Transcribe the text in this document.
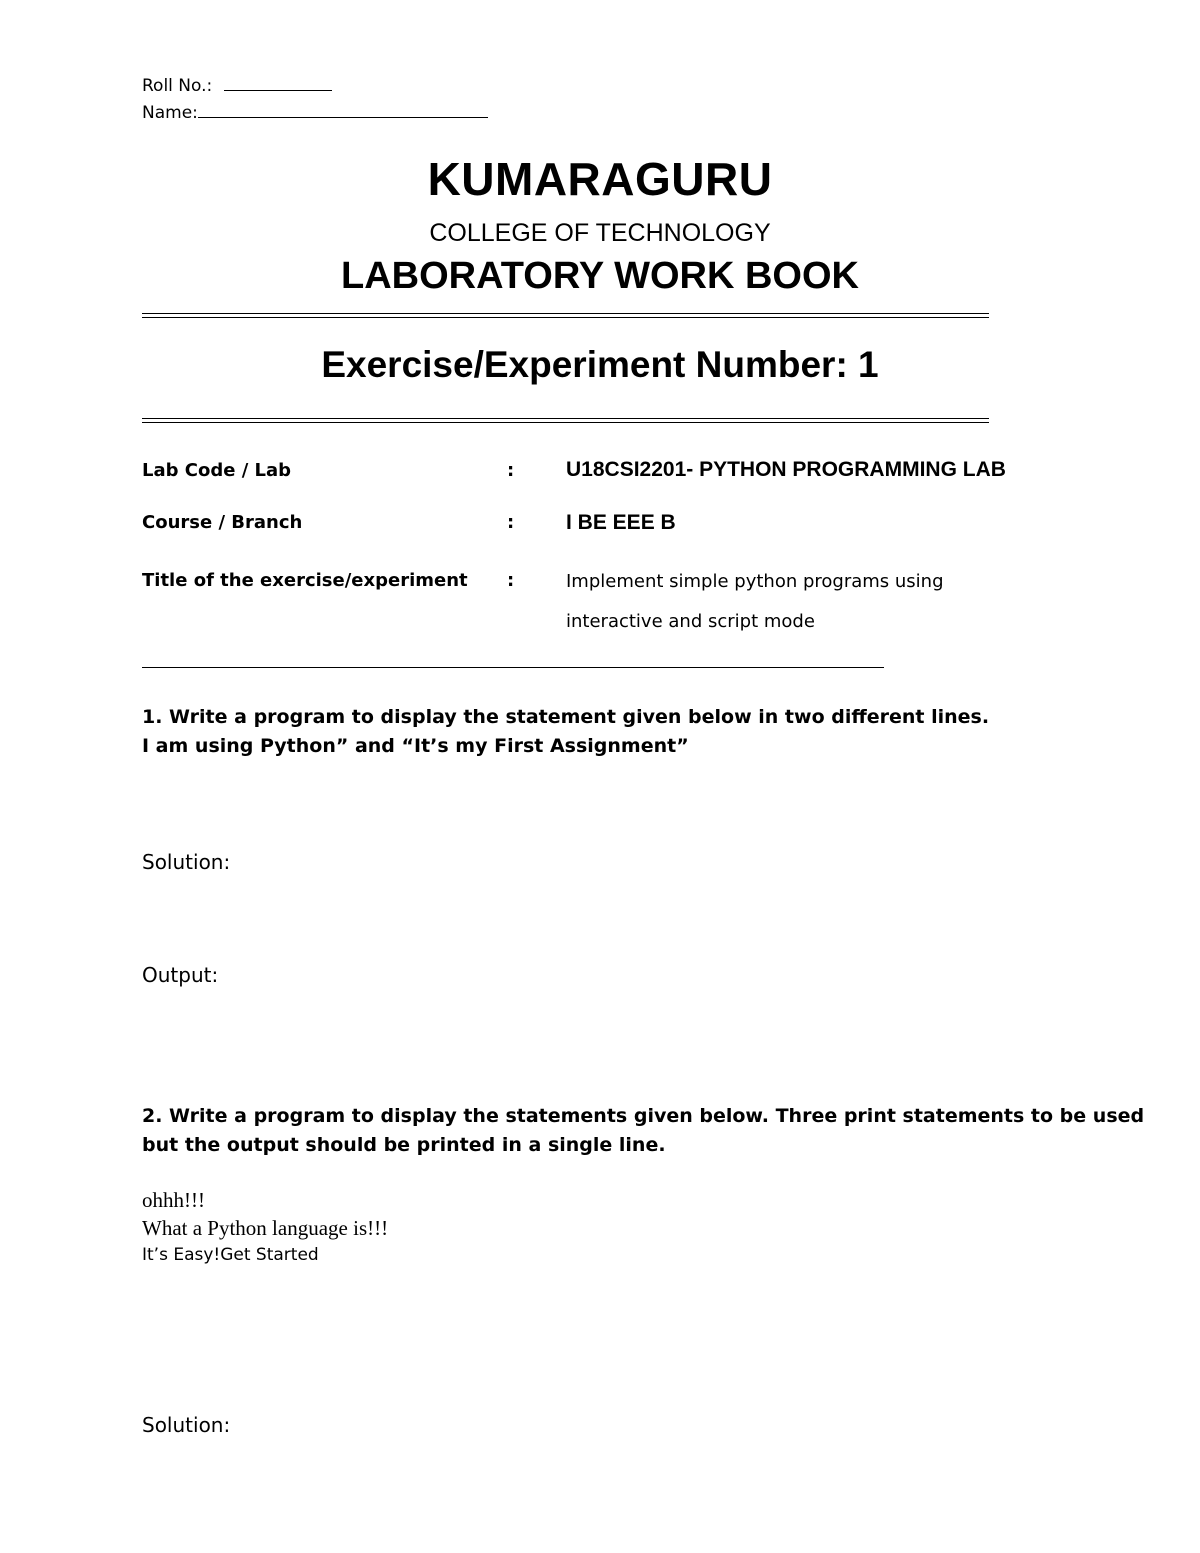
Roll No.:
Name:
KUMARAGURU
COLLEGE OF TECHNOLOGY
LABORATORY WORK BOOK
Exercise/Experiment Number: 1
Lab Code / Lab	: U18CSI2201- PYTHON PROGRAMMING LAB
Course / Branch	: I BE EEE B
Title of the exercise/experiment :	Implement simple python programs using
interactive and script mode
1. Write a program to display the statement given below in two different lines.
I am using Python” and “It’s my First Assignment”
Solution:
Output:
2. Write a program to display the statements given below. Three print statements to be used
but the output should be printed in a single line.
ohhh!!!
What a Python language is!!!
It’s Easy!Get Started
Solution:
